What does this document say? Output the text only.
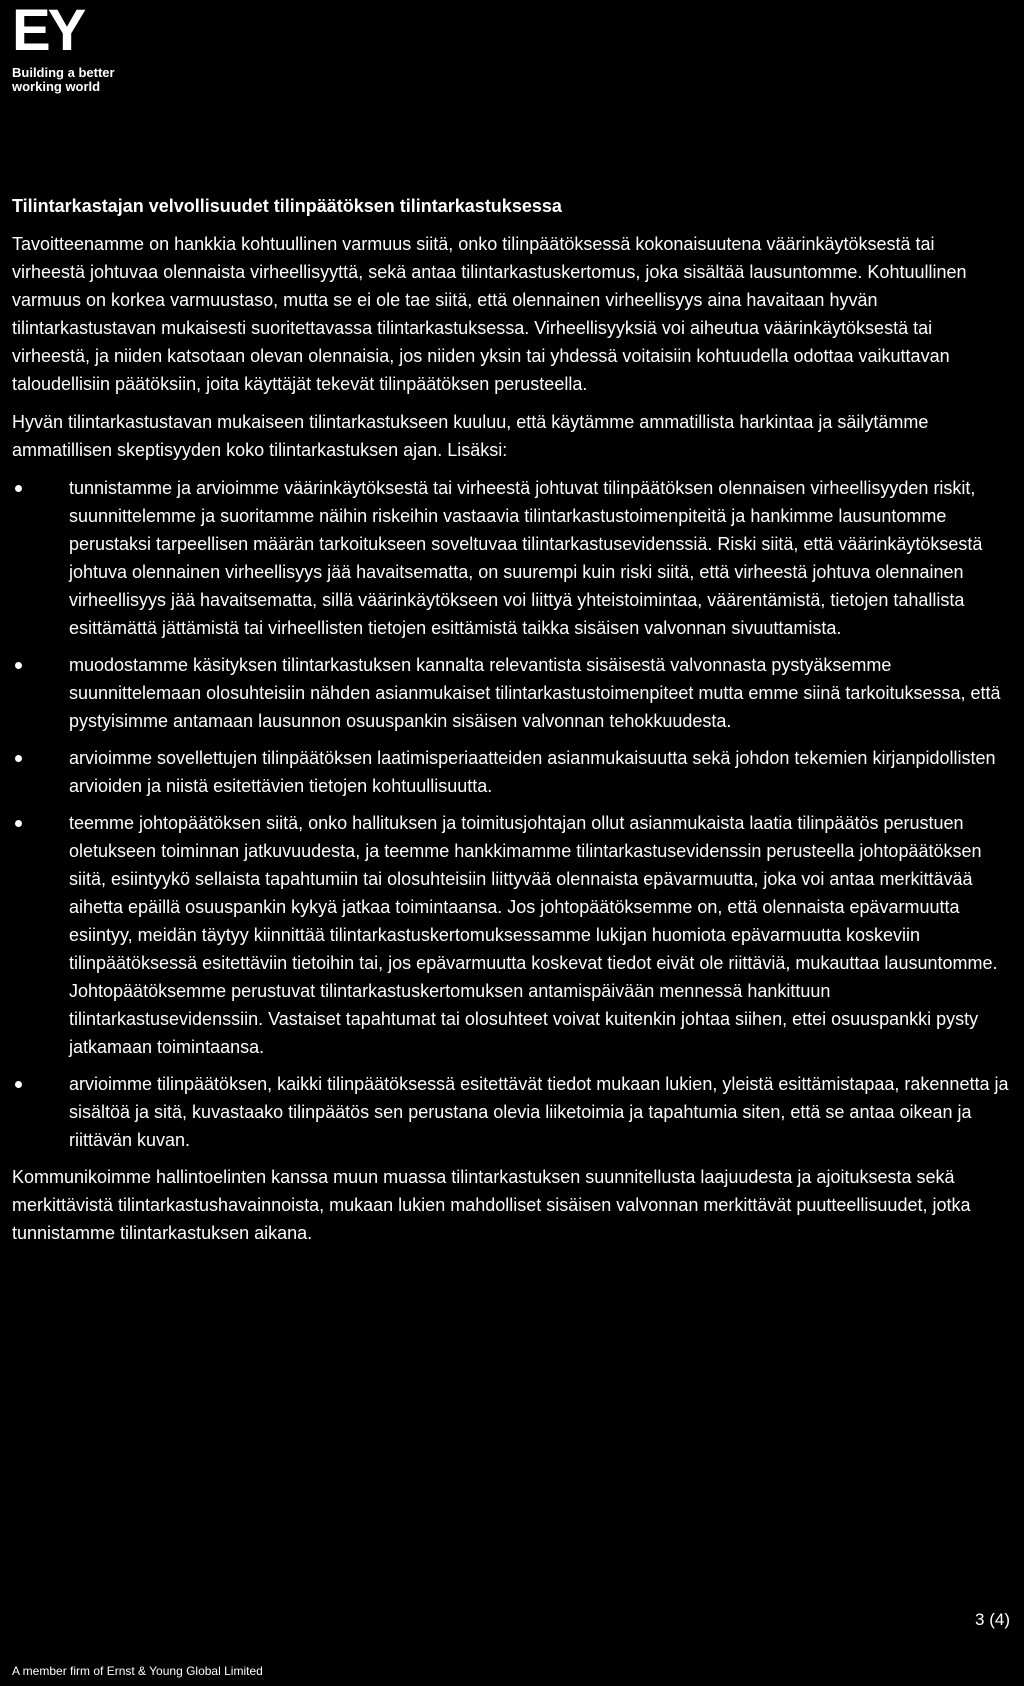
EY
Building a better
working world
Tilintarkastajan velvollisuudet tilinpäätöksen tilintarkastuksessa

Tavoitteenamme on hankkia kohtuullinen varmuus siitä, onko tilinpäätöksessä kokonaisuutena väärinkäytöksestä tai virheestä johtuvaa olennaista virheellisyyttä, sekä antaa tilintarkastuskertomus, joka sisältää lausuntomme. Kohtuullinen varmuus on korkea varmuustaso, mutta se ei ole tae siitä, että olennainen virheellisyys aina havaitaan hyvän tilintarkastustavan mukaisesti suoritettavassa tilintarkastuksessa. Virheellisyyksiä voi aiheutua väärinkäytöksestä tai virheestä, ja niiden katsotaan olevan olennaisia, jos niiden yksin tai yhdessä voitaisiin kohtuudella odottaa vaikuttavan taloudellisiin päätöksiin, joita käyttäjät tekevät tilinpäätöksen perusteella.

Hyvän tilintarkastustavan mukaiseen tilintarkastukseen kuuluu, että käytämme ammatillista harkintaa ja säilytämme ammatillisen skeptisyyden koko tilintarkastuksen ajan. Lisäksi:

tunnistamme ja arvioimme väärinkäytöksestä tai virheestä johtuvat tilinpäätöksen olennaisen virheellisyyden riskit, suunnittelemme ja suoritamme näihin riskeihin vastaavia tilintarkastustoimenpiteitä ja hankimme lausuntomme perustaksi tarpeellisen määrän tarkoitukseen soveltuvaa tilintarkastusevidenssiä. Riski siitä, että väärinkäytöksestä johtuva olennainen virheellisyys jää havaitsematta, on suurempi kuin riski siitä, että virheestä johtuva olennainen virheellisyys jää havaitsematta, sillä väärinkäytökseen voi liittyä yhteistoimintaa, väärentämistä, tietojen tahallista esittämättä jättämistä tai virheellisten tietojen esittämistä taikka sisäisen valvonnan sivuuttamista.
muodostamme käsityksen tilintarkastuksen kannalta relevantista sisäisestä valvonnasta pystyäksemme suunnittelemaan olosuhteisiin nähden asianmukaiset tilintarkastustoimenpiteet mutta emme siinä tarkoituksessa, että pystyisimme antamaan lausunnon osuuspankin sisäisen valvonnan tehokkuudesta.
arvioimme sovellettujen tilinpäätöksen laatimisperiaatteiden asianmukaisuutta sekä johdon tekemien kirjanpidollisten arvioiden ja niistä esitettävien tietojen kohtuullisuutta.
teemme johtopäätöksen siitä, onko hallituksen ja toimitusjohtajan ollut asianmukaista laatia tilinpäätös perustuen oletukseen toiminnan jatkuvuudesta, ja teemme hankkimamme tilintarkastusevidenssin perusteella johtopäätöksen siitä, esiintyykö sellaista tapahtumiin tai olosuhteisiin liittyvää olennaista epävarmuutta, joka voi antaa merkittävää aihetta epäillä osuuspankin kykyä jatkaa toimintaansa. Jos johtopäätöksemme on, että olennaista epävarmuutta esiintyy, meidän täytyy kiinnittää tilintarkastuskertomuksessamme lukijan huomiota epävarmuutta koskeviin tilinpäätöksessä esitettäviin tietoihin tai, jos epävarmuutta koskevat tiedot eivät ole riittäviä, mukauttaa lausuntomme. Johtopäätöksemme perustuvat tilintarkastuskertomuksen antamispäivään mennessä hankittuun tilintarkastusevidenssiin. Vastaiset tapahtumat tai olosuhteet voivat kuitenkin johtaa siihen, ettei osuuspankki pysty jatkamaan toimintaansa.
arvioimme tilinpäätöksen, kaikki tilinpäätöksessä esitettävät tiedot mukaan lukien, yleistä esittämistapaa, rakennetta ja sisältöä ja sitä, kuvastaako tilinpäätös sen perustana olevia liiketoimia ja tapahtumia siten, että se antaa oikean ja riittävän kuvan.

Kommunikoimme hallintoelinten kanssa muun muassa tilintarkastuksen suunnitellusta laajuudesta ja ajoituksesta sekä merkittävistä tilintarkastushavainnoista, mukaan lukien mahdolliset sisäisen valvonnan merkittävät puutteellisuudet, jotka tunnistamme tilintarkastuksen aikana.

3 (4)
A member firm of Ernst & Young Global Limited
